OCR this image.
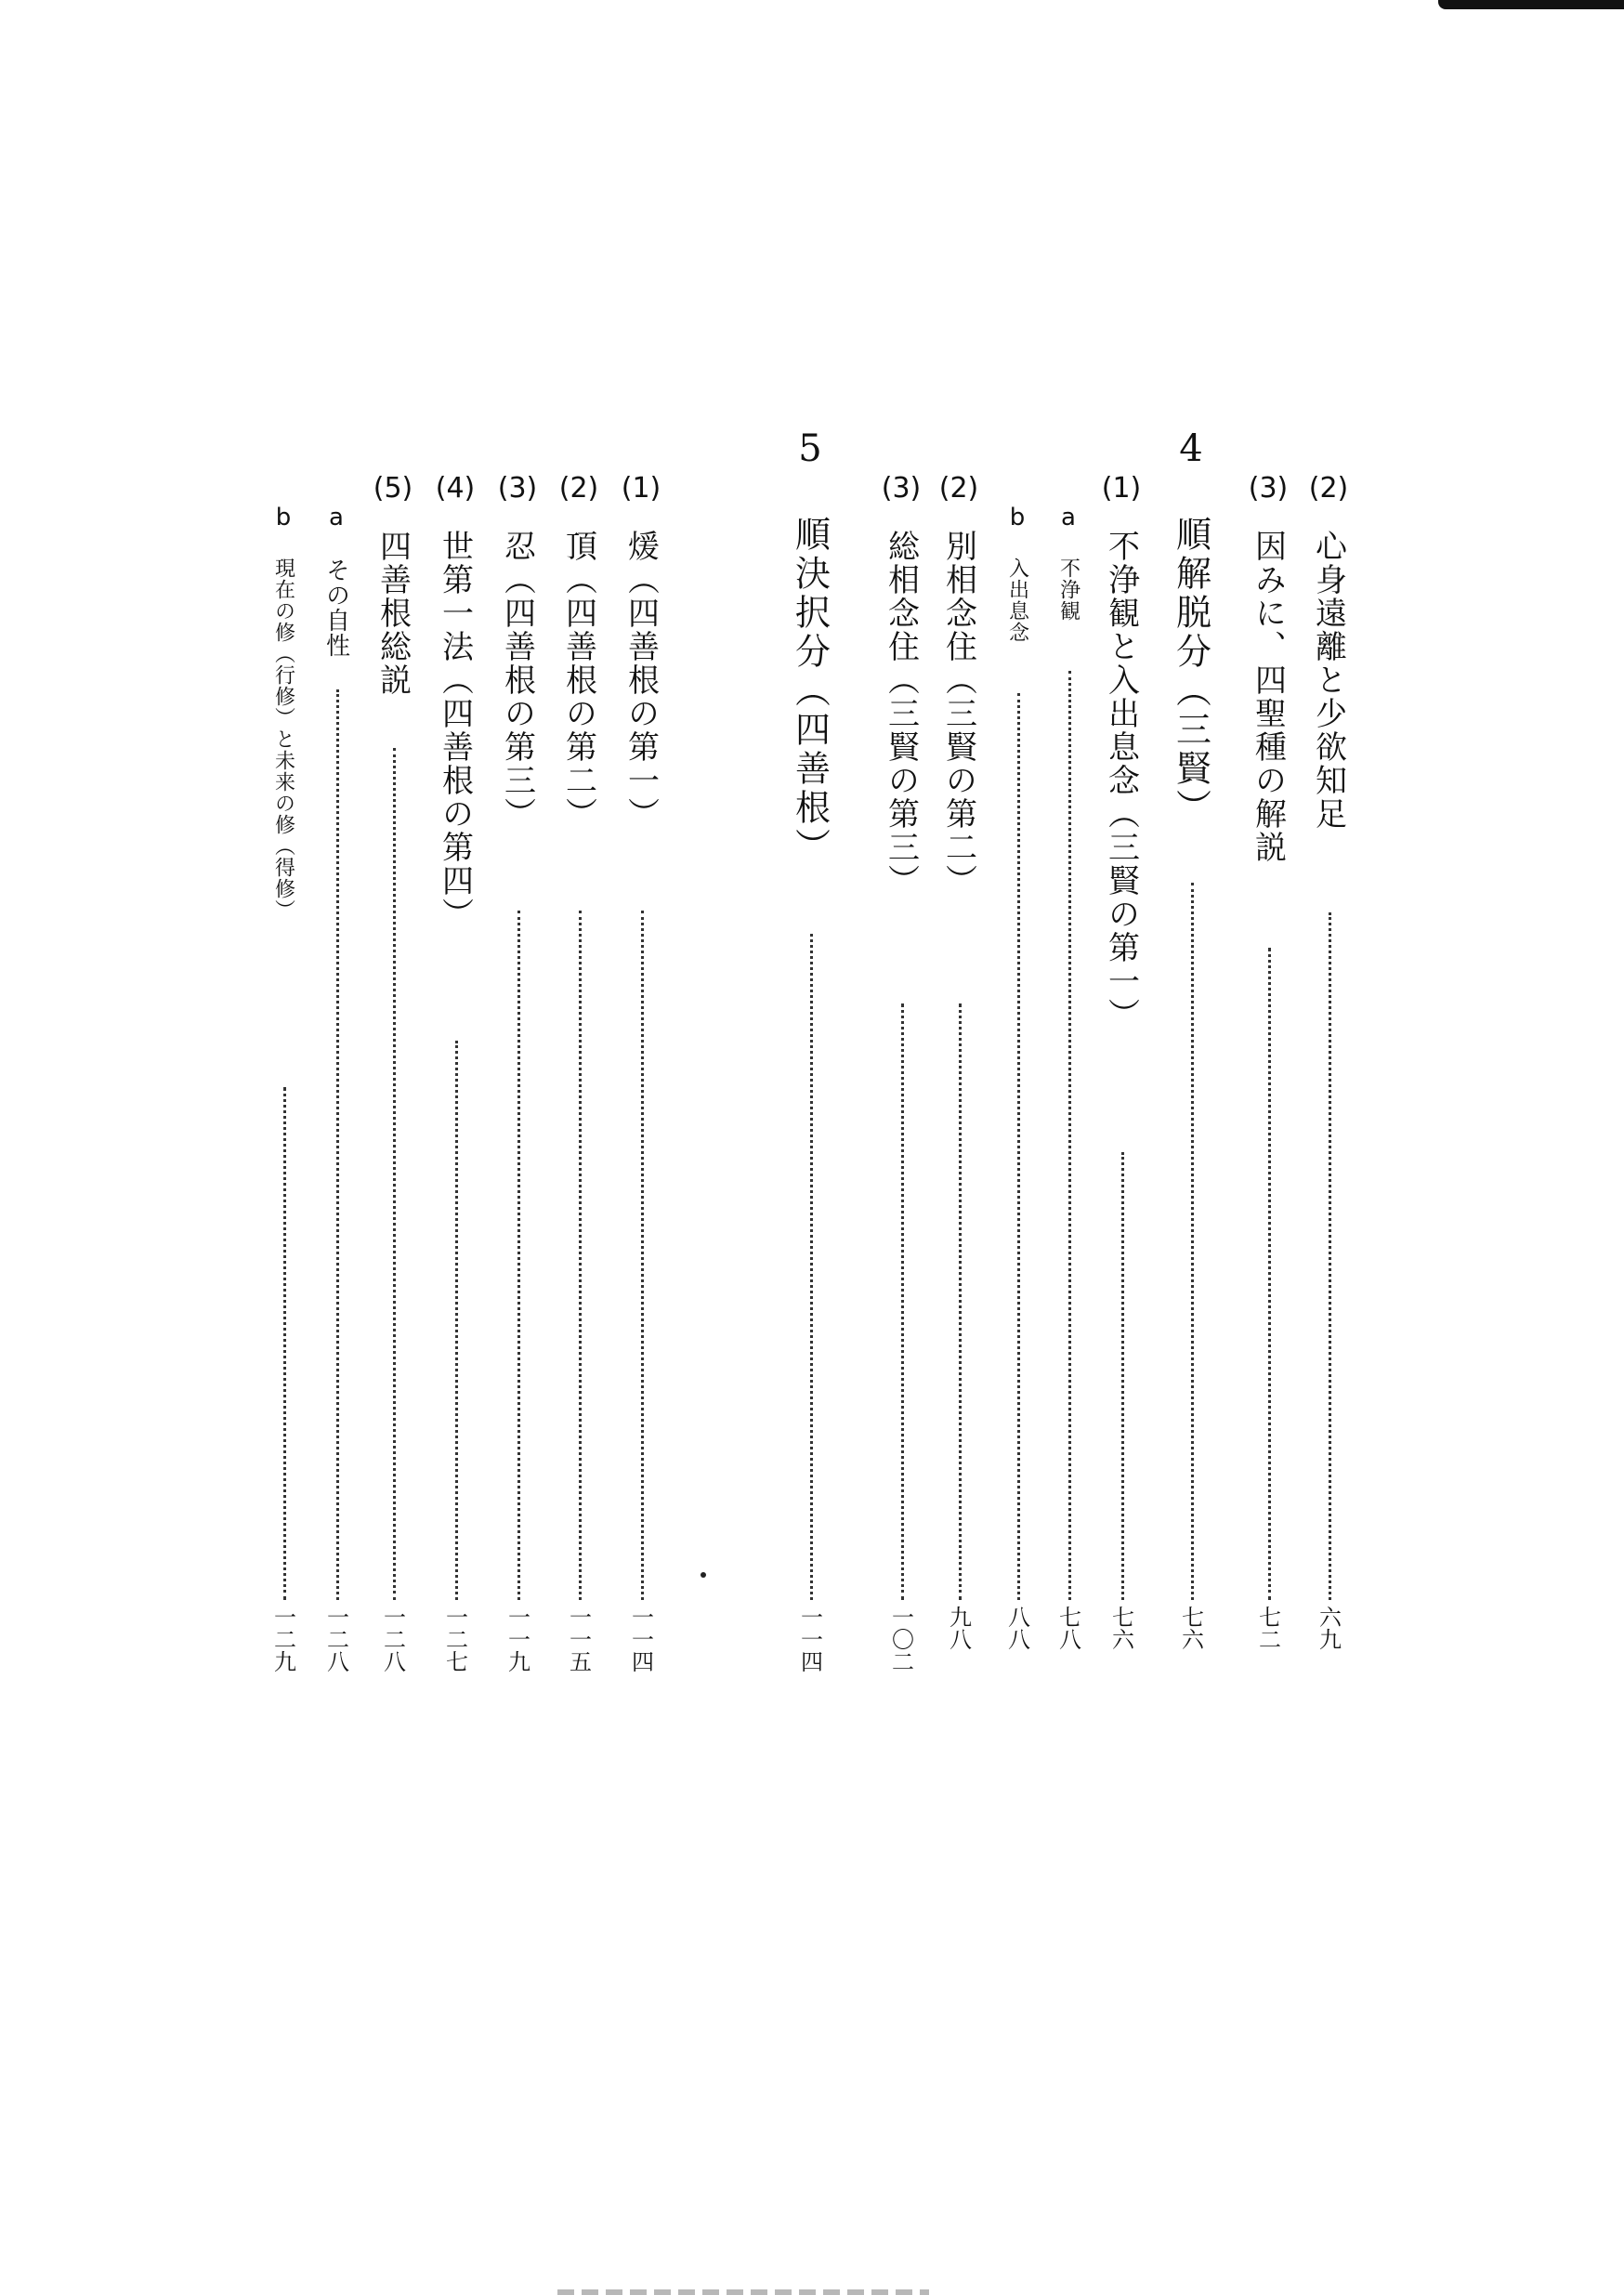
(2)
心身遠離と少欲知足
六九
(3)
因みに、四聖種の解説
七二
4
順解脱分（三賢）
七六
(1)
不浄観と入出息念（三賢の第一）
七六
a
不浄観
七八
b
入出息念
八八
(2)
別相念住（三賢の第二）
九八
(3)
総相念住（三賢の第三）
一〇二
5
順決択分（四善根）
一一四
(1)
煖（四善根の第一）
一一四
(2)
頂（四善根の第二）
一一五
(3)
忍（四善根の第三）
一一九
(4)
世第一法（四善根の第四）
一二七
(5)
四善根総説
一二八
a
その自性
一二八
b
現在の修（行修）と未来の修（得修）
一二九
